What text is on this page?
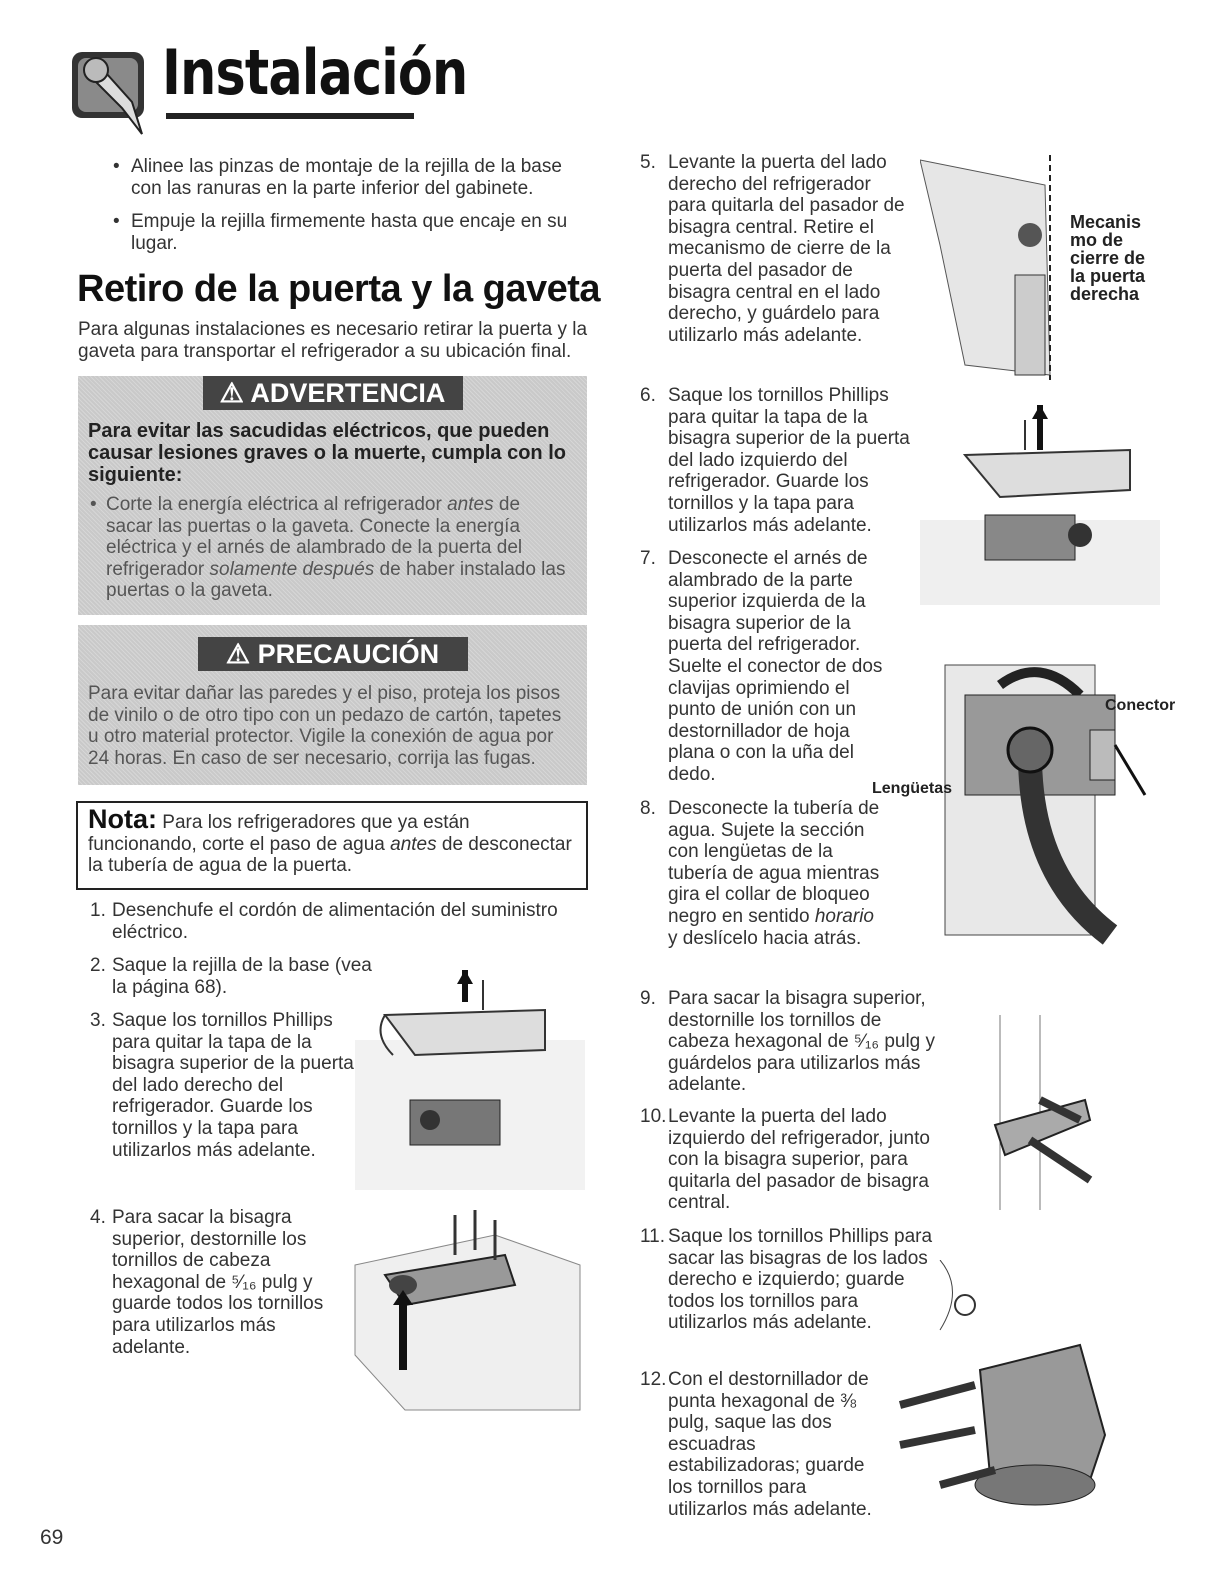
Instalación
• Alinee las pinzas de montaje de la rejilla de la base con las ranuras en la parte inferior del gabinete.
• Empuje la rejilla firmemente hasta que encaje en su lugar.
Retiro de la puerta y la gaveta
Para algunas instalaciones es necesario retirar la puerta y la gaveta para transportar el refrigerador a su ubicación final.
⚠ ADVERTENCIA
Para evitar las sacudidas eléctricos, que pueden causar lesiones graves o la muerte, cumpla con lo siguiente:
• Corte la energía eléctrica al refrigerador antes de sacar las puertas o la gaveta. Conecte la energía eléctrica y el arnés de alambrado de la puerta del refrigerador solamente después de haber instalado las puertas o la gaveta.
⚠ PRECAUCIÓN
Para evitar dañar las paredes y el piso, proteja los pisos de vinilo o de otro tipo con un pedazo de cartón, tapetes u otro material protector. Vigile la conexión de agua por 24 horas. En caso de ser necesario, corrija las fugas.
Nota: Para los refrigeradores que ya están funcionando, corte el paso de agua antes de desconectar la tubería de agua de la puerta.
1. Desenchufe el cordón de alimentación del suministro eléctrico.
2. Saque la rejilla de la base (vea la página 68).
3. Saque los tornillos Phillips para quitar la tapa de la bisagra superior de la puerta del lado derecho del refrigerador. Guarde los tornillos y la tapa para utilizarlos más adelante.
4. Para sacar la bisagra superior, destornille los tornillos de cabeza hexagonal de ⁵⁄₁₆ pulg y guarde todos los tornillos para utilizarlos más adelante.
5. Levante la puerta del lado derecho del refrigerador para quitarla del pasador de bisagra central. Retire el mecanismo de cierre de la puerta del pasador de bisagra central en el lado derecho, y guárdelo para utilizarlo más adelante.
6. Saque los tornillos Phillips para quitar la tapa de la bisagra superior de la puerta del lado izquierdo del refrigerador. Guarde los tornillos y la tapa para utilizarlos más adelante.
7. Desconecte el arnés de alambrado de la parte superior izquierda de la bisagra superior de la puerta del refrigerador. Suelte el conector de dos clavijas oprimiendo el punto de unión con un destornillador de hoja plana o con la uña del dedo.
8. Desconecte la tubería de agua. Sujete la sección con lengüetas de la tubería de agua mientras gira el collar de bloqueo negro en sentido horario y deslícelo hacia atrás.
9. Para sacar la bisagra superior, destornille los tornillos de cabeza hexagonal de ⁵⁄₁₆ pulg y guárdelos para utilizarlos más adelante.
10. Levante la puerta del lado izquierdo del refrigerador, junto con la bisagra superior, para quitarla del pasador de bisagra central.
11. Saque los tornillos Phillips para sacar las bisagras de los lados derecho e izquierdo; guarde todos los tornillos para utilizarlos más adelante.
12. Con el destornillador de punta hexagonal de ⅜ pulg, saque las dos escuadras estabilizadoras; guarde los tornillos para utilizarlos más adelante.
Mecanis mo de cierre de la puerta derecha
Conector
Lengüetas
69
